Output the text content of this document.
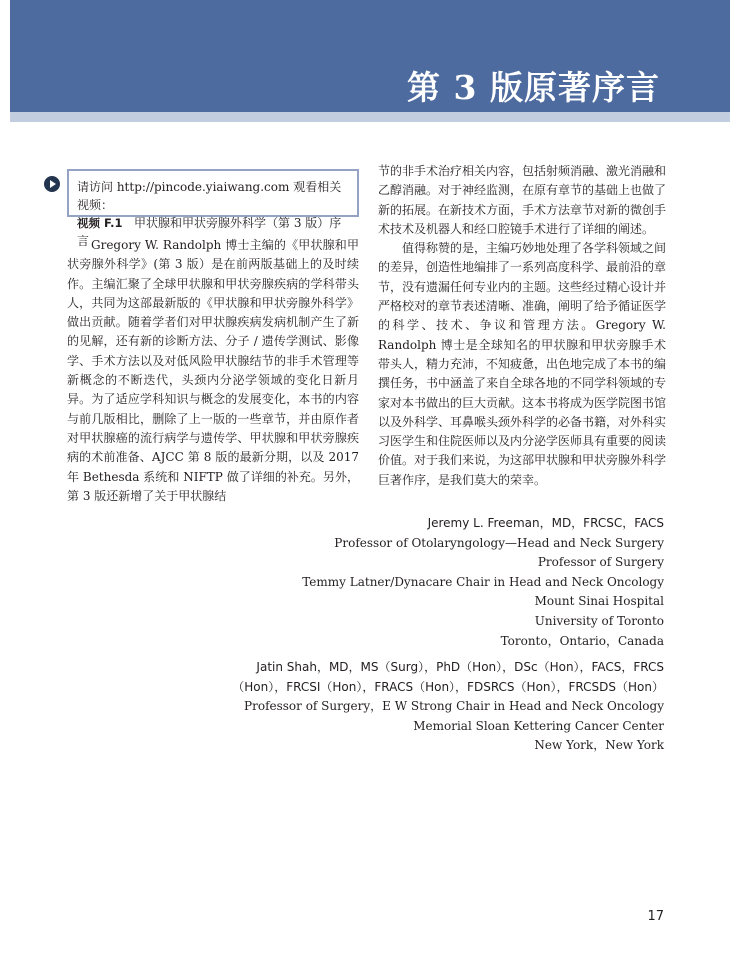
第 3 版原著序言
请访问 http://pincode.yiaiwang.com 观看相关视频：
视频 F.1 甲状腺和甲状旁腺外科学（第 3 版）序言 Gregory W. Randolph 博士主编的《甲状腺和甲状旁腺外科学》(第 3 版）是在前两版基础上的及时续作。主编汇聚了全球甲状腺和甲状旁腺疾病的学科带头人，共同为这部最新版的《甲状腺和甲状旁腺外科学》做出贡献。随着学者们对甲状腺疾病发病机制产生了新的见解，还有新的诊断方法、分子 / 遗传学测试、影像学、手术方法以及对低风险甲状腺结节的非手术管理等新概念的不断迭代，头颈内分泌学领域的变化日新月异。为了适应学科知识与概念的发展变化，本书的内容与前几版相比，删除了上一版的一些章节，并由原作者对甲状腺癌的流行病学与遗传学、甲状腺和甲状旁腺疾病的术前准备、AJCC 第 8 版的最新分期，以及 2017 年 Bethesda 系统和 NIFTP 做了详细的补充。另外，第 3 版还新增了关于甲状腺结

节的非手术治疗相关内容，包括射频消融、激光消融和乙醇消融。对于神经监测，在原有章节的基础上也做了新的拓展。在新技术方面，手术方法章节对新的微创手术技术及机器人和经口腔镜手术进行了详细的阐述。

值得称赞的是，主编巧妙地处理了各学科领域之间的差异，创造性地编排了一系列高度科学、最前沿的章节，没有遗漏任何专业内的主题。这些经过精心设计并严格校对的章节表述清晰、准确，阐明了给予循证医学的科学、技术、争议和管理方法。Gregory W. Randolph 博士是全球知名的甲状腺和甲状旁腺手术带头人，精力充沛，不知疲惫，出色地完成了本书的编撰任务，书中涵盖了来自全球各地的不同学科领域的专家对本书做出的巨大贡献。这本书将成为医学院图书馆以及外科学、耳鼻喉头颈外科学的必备书籍，对外科实习医学生和住院医师以及内分泌学医师具有重要的阅读价值。对于我们来说，为这部甲状腺和甲状旁腺外科学巨著作序，是我们莫大的荣幸。

Jeremy L. Freeman，MD，FRCSC，FACS
Professor of Otolaryngology—Head and Neck Surgery
Professor of Surgery
Temmy Latner/Dynacare Chair in Head and Neck Oncology
Mount Sinai Hospital
University of Toronto
Toronto，Ontario，Canada
Jatin Shah，MD，MS（Surg），PhD（Hon），DSc（Hon），FACS，FRCS
（Hon），FRCSI（Hon），FRACS（Hon），FDSRCS（Hon），FRCSDS（Hon）
Professor of Surgery，E W Strong Chair in Head and Neck Oncology
Memorial Sloan Kettering Cancer Center
New York，New York
17
